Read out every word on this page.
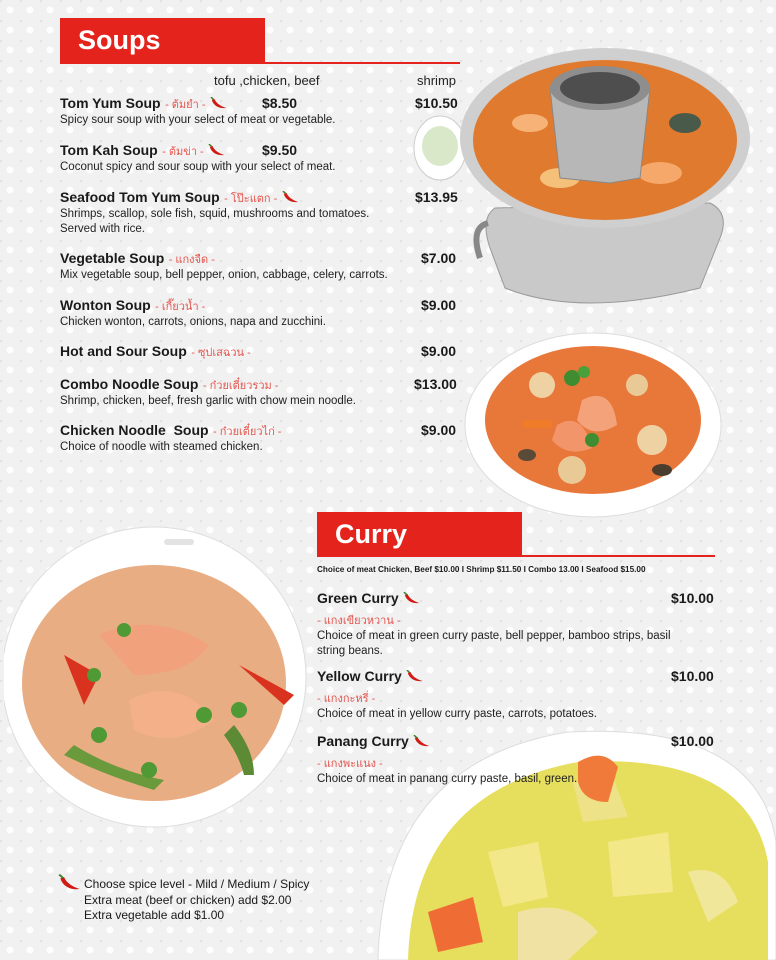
Soups
tofu ,chicken, beef	shrimp
Tom Yum Soup - ต้มยำ -
Spicy sour soup with your select of meat or vegetable.
$8.50	$10.50
Tom Kah Soup - ต้มข่า -
Coconut spicy and sour soup with your select of meat.
$9.50
Seafood Tom Yum Soup - โป๊ะแตก -
Shrimps, scallop, sole fish, squid, mushrooms and tomatoes.
Served with rice.
$13.95
Vegetable Soup - แกงจืด -
Mix vegetable soup, bell pepper, onion, cabbage, celery, carrots.
$7.00
Wonton Soup - เกี๊ยวน้ำ -
Chicken wonton, carrots, onions, napa and zucchini.
$9.00
Hot and Sour Soup - ซุปเสฉวน -	$9.00
Combo Noodle Soup - ก๋วยเตี๋ยวรวม -
Shrimp, chicken, beef, fresh garlic with chow mein noodle.
$13.00
Chicken Noodle  Soup - ก๋วยเตี๋ยวไก่ -
Choice of noodle with steamed chicken.
$9.00
Curry
Choice of meat Chicken, Beef $10.00 I Shrimp $11.50 I Combo 13.00 I Seafood $15.00
Green Curry
- แกงเขียวหวาน -
Choice of meat in green curry paste, bell pepper, bamboo strips, basil
string beans.
$10.00
Yellow Curry
- แกงกะหรี่ -
Choice of meat in yellow curry paste, carrots, potatoes.
$10.00
Panang Curry
- แกงพะแนง -
Choice of meat in panang curry paste, basil, green.
$10.00
Choose spice level - Mild / Medium / Spicy
Extra meat (beef or chicken) add $2.00
Extra vegetable add $1.00
